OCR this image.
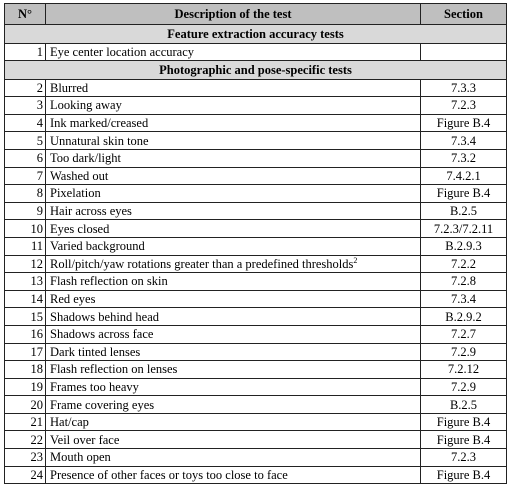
N°	Description of the test	Section
Feature extraction accuracy tests		
1	Eye center location accuracy	
Photographic and pose-specific tests		
2	Blurred	7.3.3
3	Looking away	7.2.3
4	Ink marked/creased	Figure B.4
5	Unnatural skin tone	7.3.4
6	Too dark/light	7.3.2
7	Washed out	7.4.2.1
8	Pixelation	Figure B.4
9	Hair across eyes	B.2.5
10	Eyes closed	7.2.3/7.2.11
11	Varied background	B.2.9.3
12	Roll/pitch/yaw rotations greater than a predefined thresholds$^2$	7.2.2
13	Flash reflection on skin	7.2.8
14	Red eyes	7.3.4
15	Shadows behind head	B.2.9.2
16	Shadows across face	7.2.7
17	Dark tinted lenses	7.2.9
18	Flash reflection on lenses	7.2.12
19	Frames too heavy	7.2.9
20	Frame covering eyes	B.2.5
21	Hat/cap	Figure B.4
22	Veil over face	Figure B.4
23	Mouth open	7.2.3
24	Presence of other faces or toys too close to face	Figure B.4
